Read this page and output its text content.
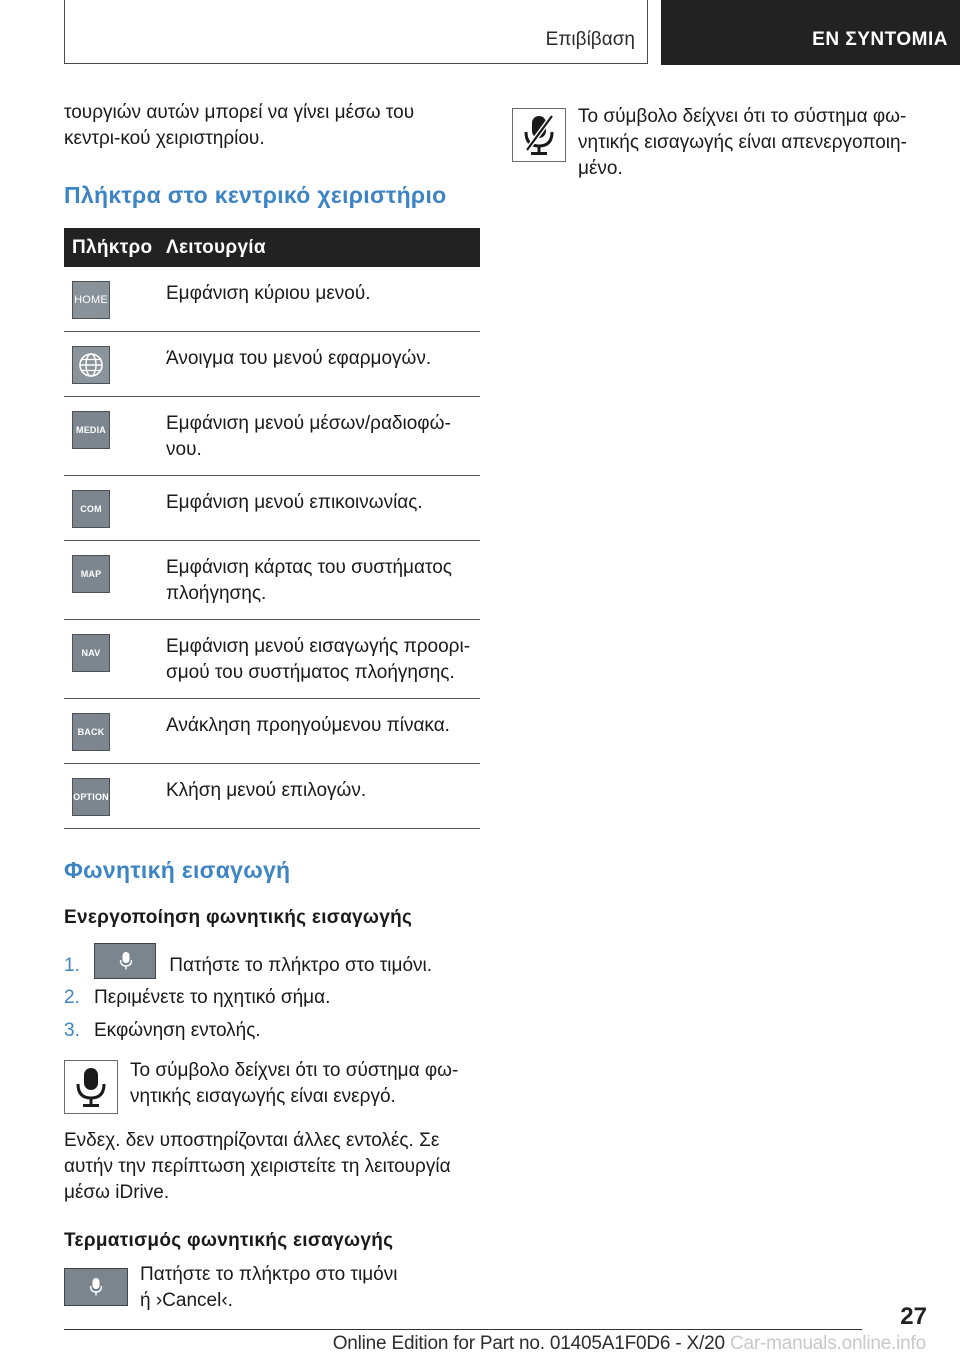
Επιβίβαση	ΕΝ ΣΥΝΤΟΜΙΑ

τουργιών αυτών μπορεί να γίνει μέσω του κεντρι-κού χειριστηρίου.

Πλήκτρα στο κεντρικό χειριστήριο
Πλήκτρο	Λειτουργία

HOME	Εμφάνιση κύριου μενού.

	Άνοιγμα του μενού εφαρμογών.

MEDIA	Εμφάνιση μενού μέσων/ραδιοφώ-νου.

COM	Εμφάνιση μενού επικοινωνίας.

MAP	Εμφάνιση κάρτας του συστήματος πλοήγησης.

NAV	Εμφάνιση μενού εισαγωγής προορι-σμού του συστήματος πλοήγησης.

BACK	Ανάκληση προηγούμενου πίνακα.

OPTION	Κλήση μενού επιλογών.
Φωνητική εισαγωγή
Ενεργοποίηση φωνητικής εισαγωγής
1.	Πατήστε το πλήκτρο στο τιμόνι.
2. Περιμένετε το ηχητικό σήμα.
3. Εκφώνηση εντολής.

Το σύμβολο δείχνει ότι το σύστημα φω-νητικής εισαγωγής είναι ενεργό.

Ενδεχ. δεν υποστηρίζονται άλλες εντολές. Σε αυτήν την περίπτωση χειριστείτε τη λειτουργία μέσω iDrive.

Τερματισμός φωνητικής εισαγωγής

Πατήστε το πλήκτρο στο τιμόνι

ή ›Cancel‹.

Το σύμβολο δείχνει ότι το σύστημα φω-νητικής εισαγωγής είναι απενεργοποιη-μένο.

27
Online Edition for Part no. 01405A1F0D6 - X/20 Car-manuals.online.info
